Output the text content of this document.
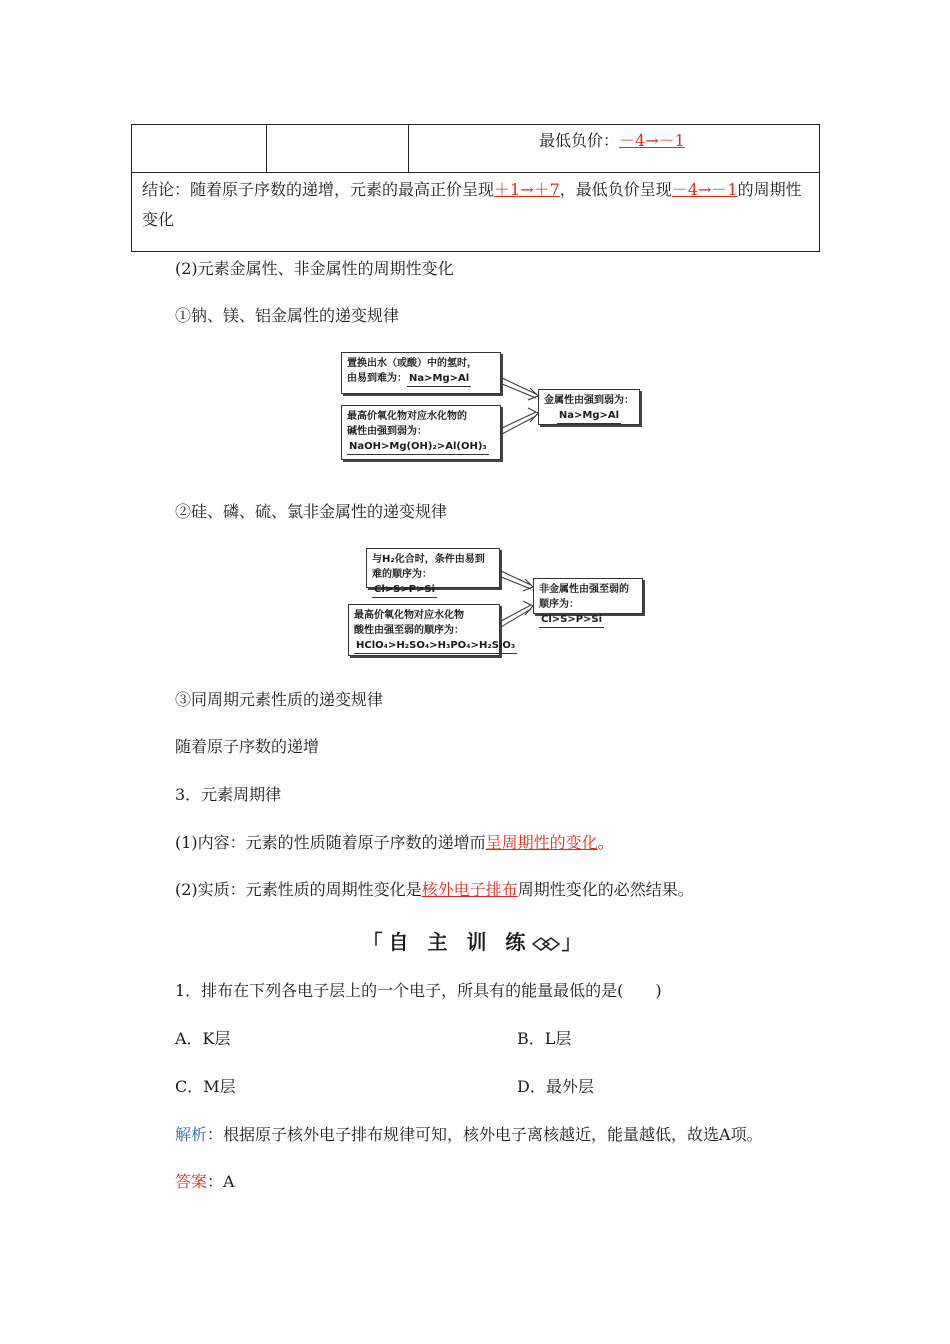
最低负价：－4→－1
结论：随着原子序数的递增，元素的最高正价呈现＋1→＋7，最低负价呈现－4→－1的周期性变化
(2)元素金属性、非金属性的周期性变化
①钠、镁、铝金属性的递变规律
置换出水（或酸）中的氢时，
由易到难为： Na>Mg>Al
最高价氧化物对应水化物的
碱性由强到弱为：
NaOH>Mg(OH)₂>Al(OH)₃
金属性由强到弱为：
Na>Mg>Al
②硅、磷、硫、氯非金属性的递变规律
与H₂化合时，条件由易到
难的顺序为：Cl>S>P>Si
最高价氧化物对应水化物
酸性由强至弱的顺序为：
HClO₄>H₂SO₄>H₃PO₄>H₂SiO₃
非金属性由强至弱的
顺序为：Cl>S>P>Si
③同周期元素性质的递变规律
随着原子序数的递增
3．元素周期律
(1)内容：元素的性质随着原子序数的递增而呈周期性的变化。
(2)实质：元素性质的周期性变化是核外电子排布周期性变化的必然结果。
「自 主 训 练 」
1．排布在下列各电子层上的一个电子，所具有的能量最低的是(　　)
A．K层	B．L层
C．M层	D．最外层
解析：根据原子核外电子排布规律可知，核外电子离核越近，能量越低，故选A项。
答案：A
